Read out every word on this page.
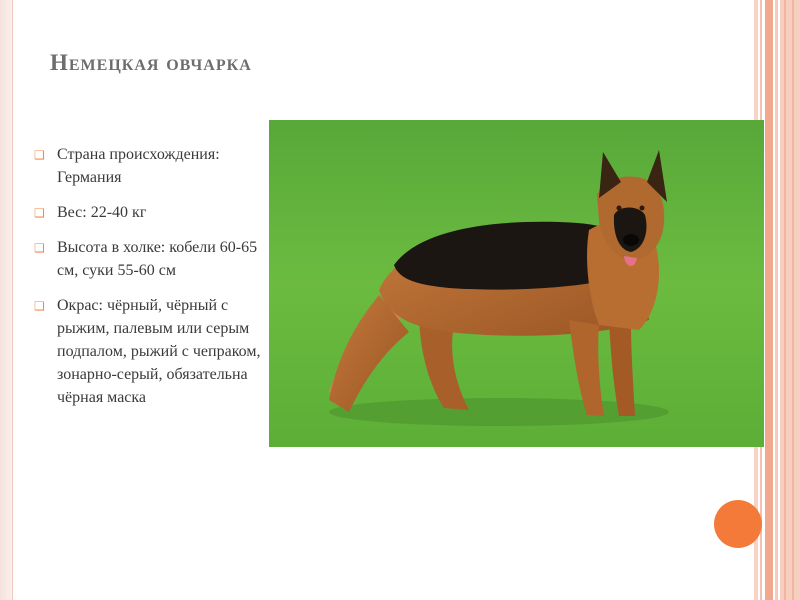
Немецкая овчарка
❑ Страна происхождения: Германия
❑ Вес: 22-40 кг
❑ Высота в холке: кобели 60-65 см, суки 55-60 см
❑ Окрас: чёрный, чёрный с рыжим, палевым или серым подпалом, рыжий с чепраком, зонарно-серый, обязательна чёрная маска
